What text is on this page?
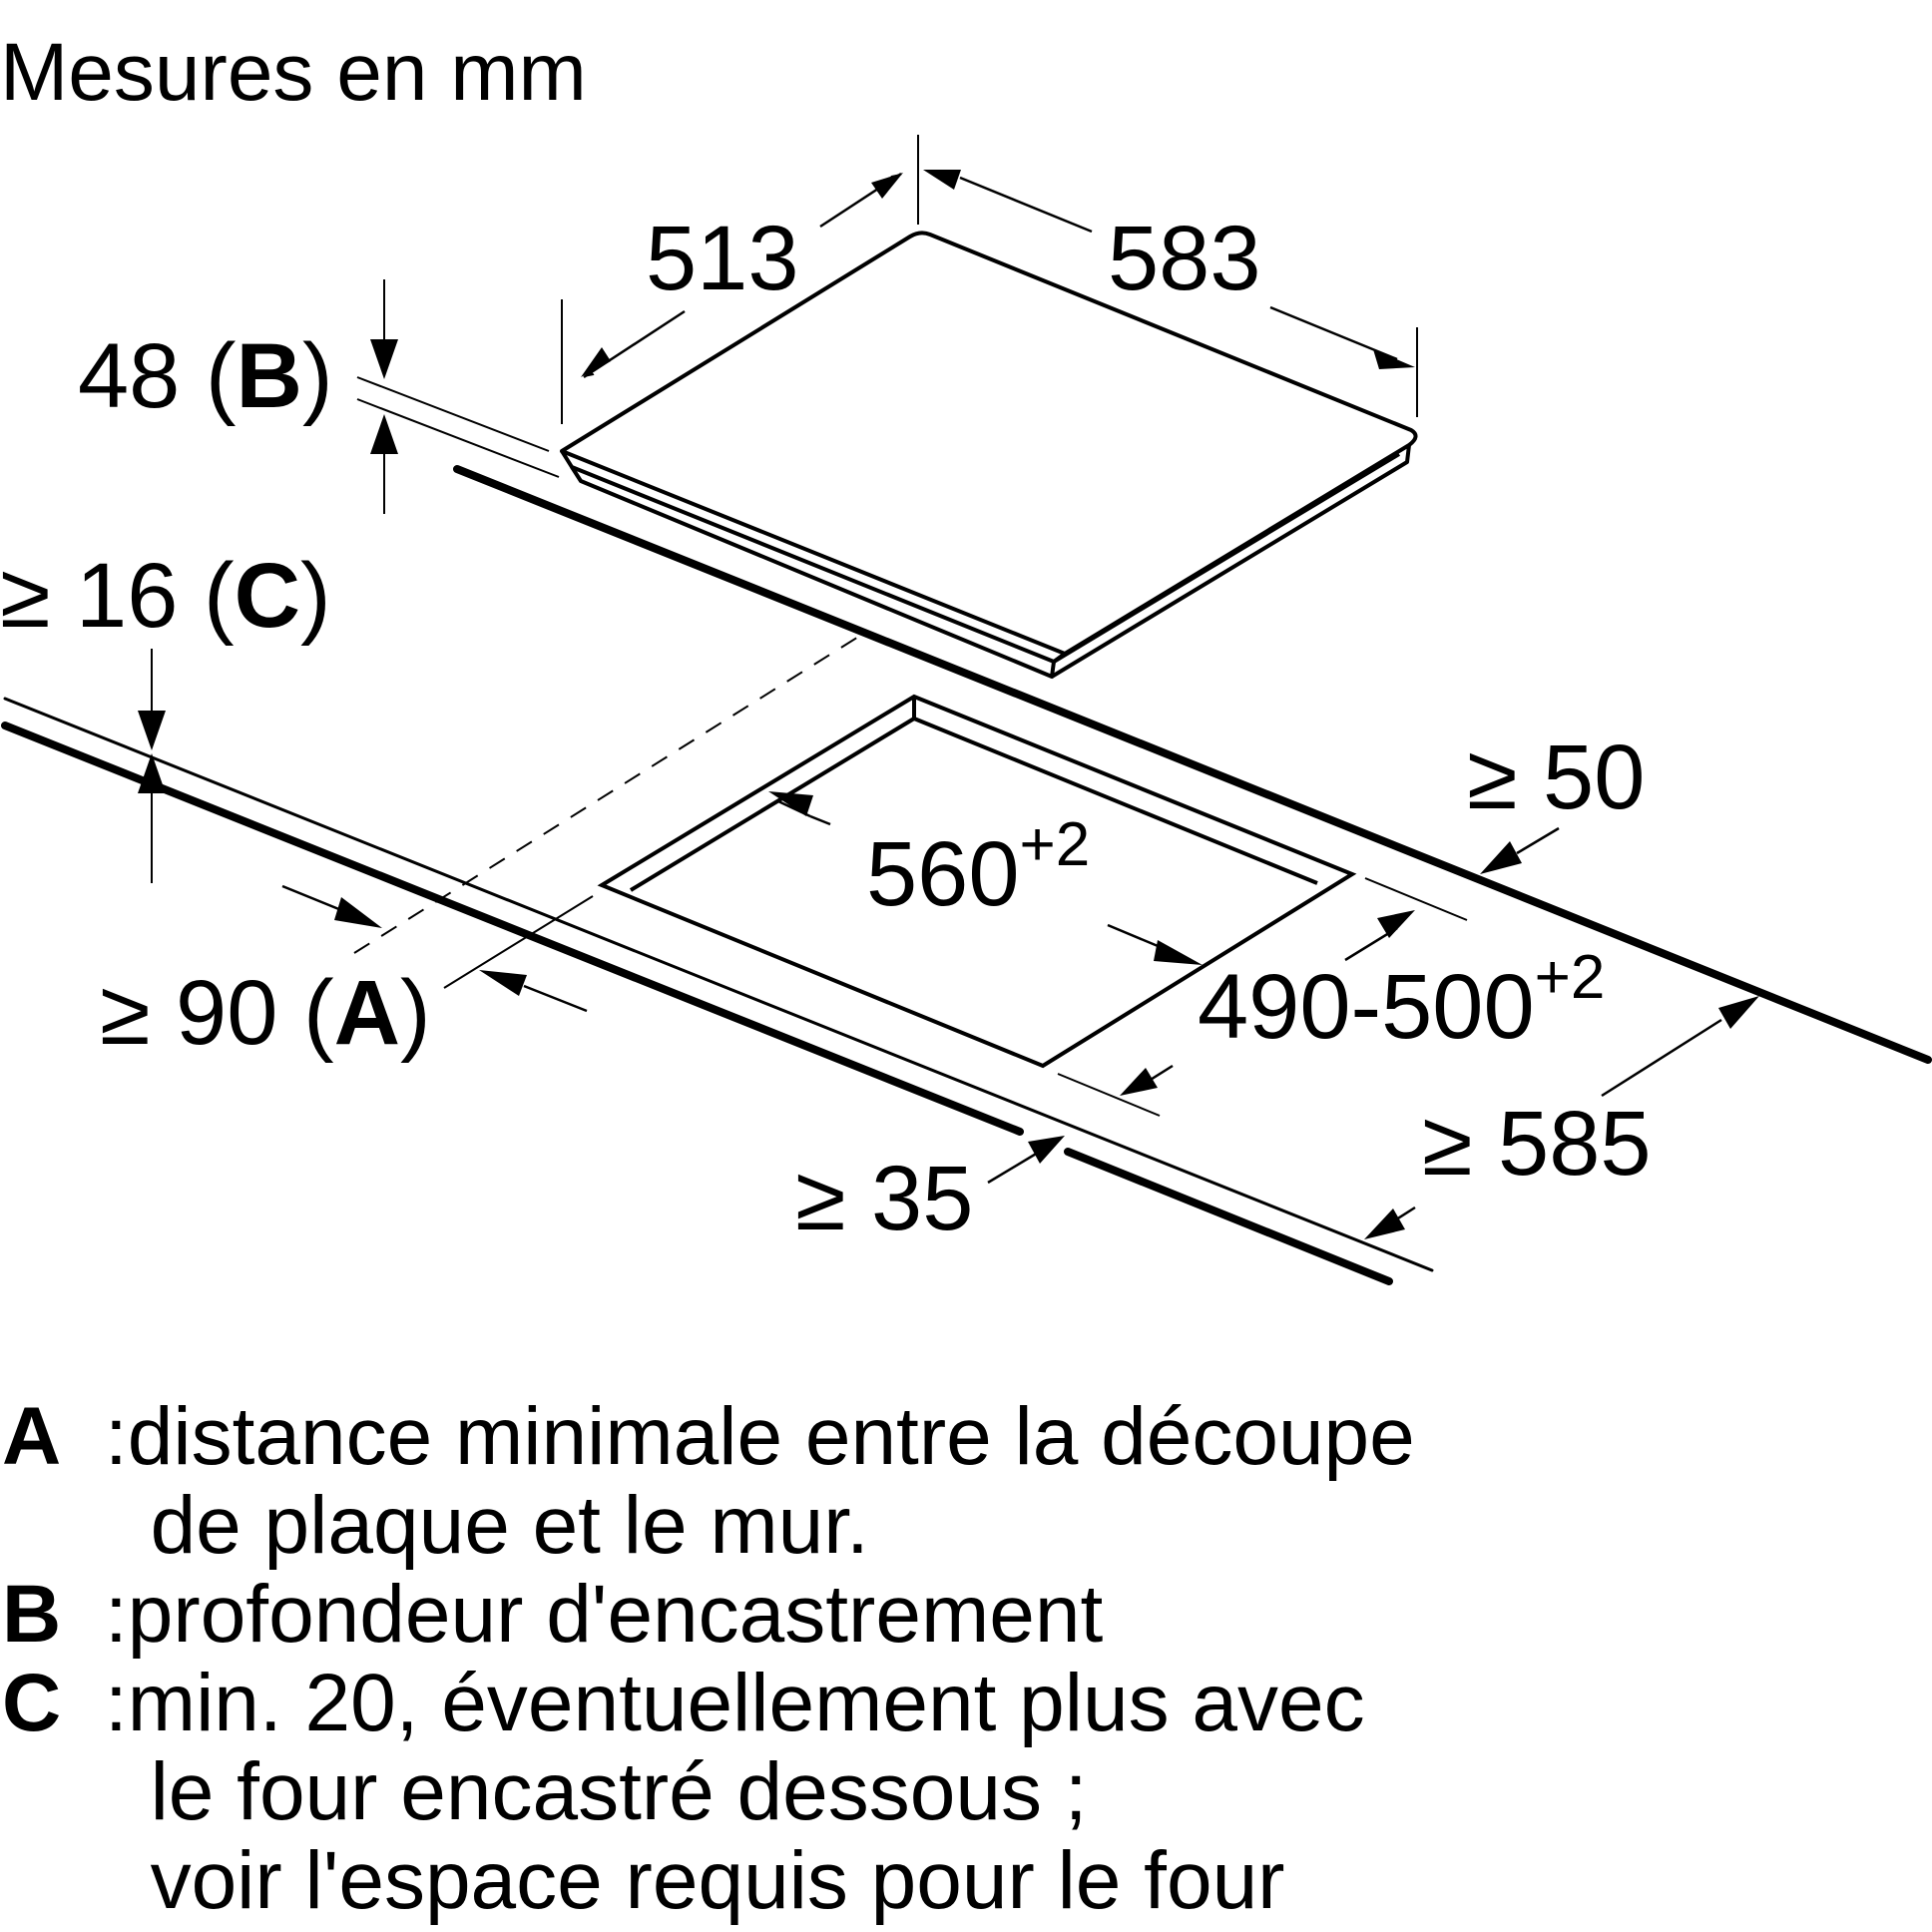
Mesures en mm
513	583
48 (B)
$560^{+2}$
$490-500^{+2}$
≥ 50
≥ 35
≥ 585
≥ 16 (C)
≥ 90 (A)
A :distance minimale entre la découpe
de plaque et le mur.
B :profondeur d'encastrement
C :min. 20, éventuellement plus avec
le four encastré dessous ;
voir l'espace requis pour le four
